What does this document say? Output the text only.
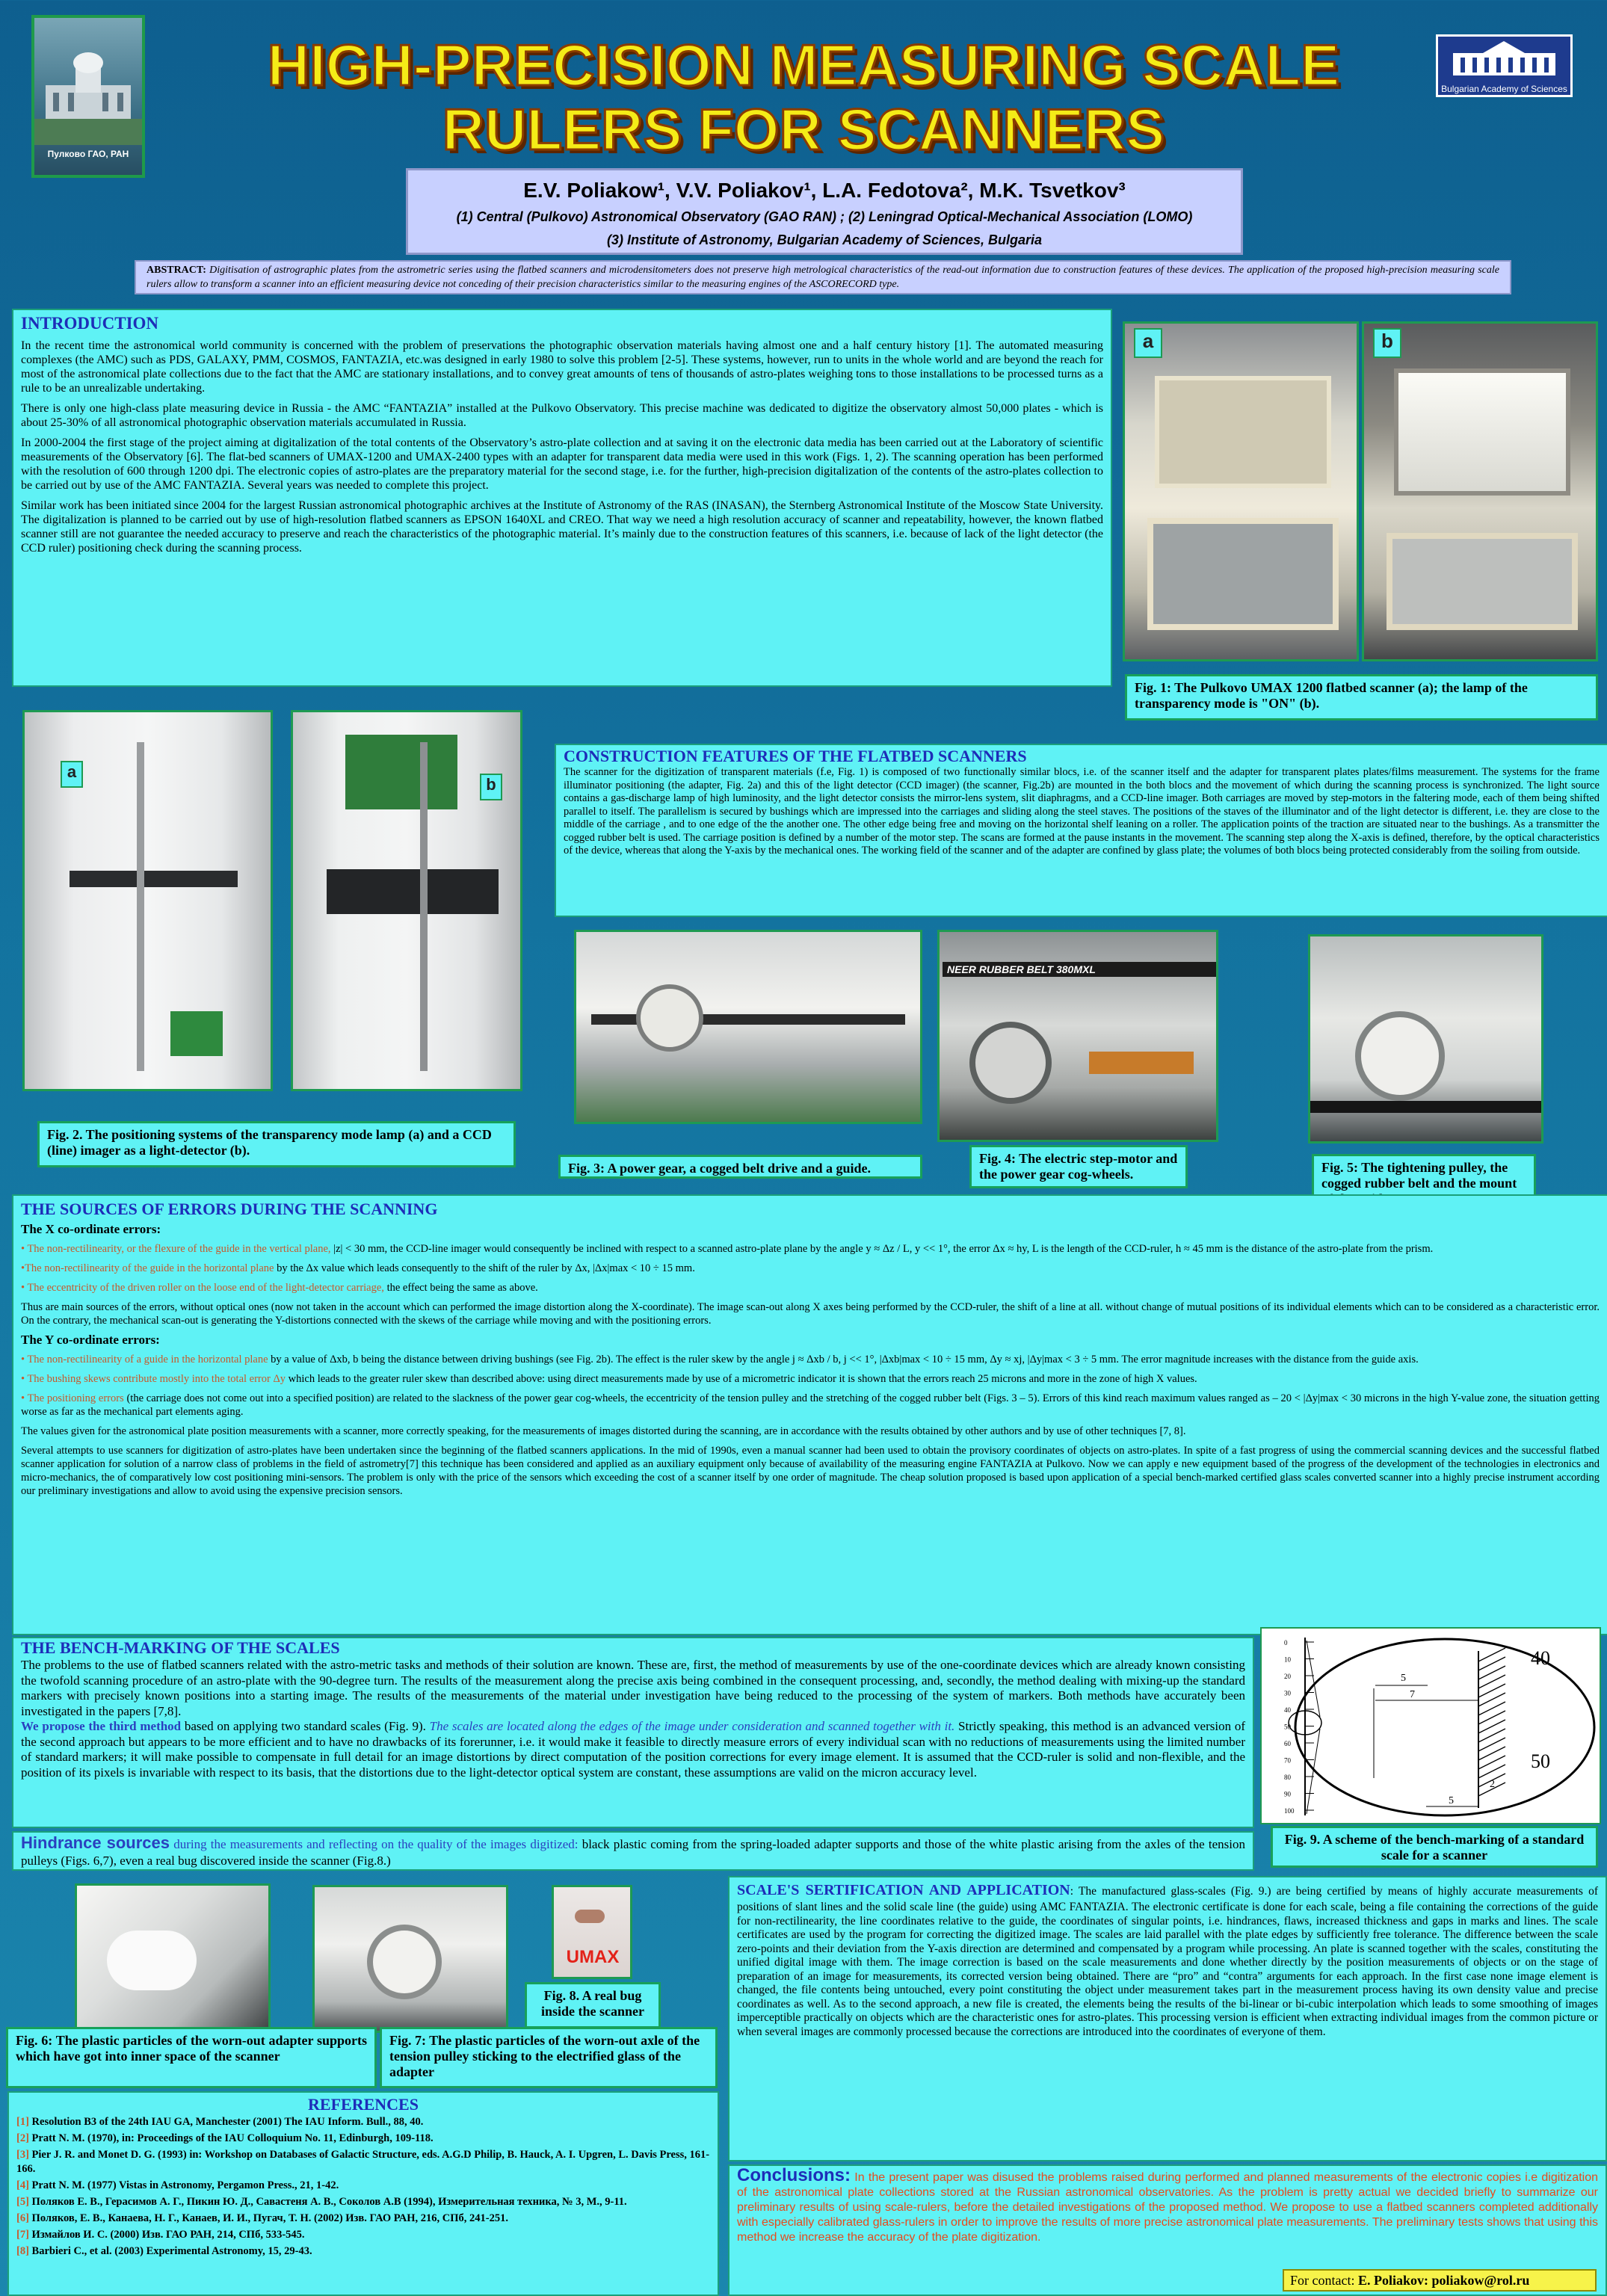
Пулково ГАО, РАН
Bulgarian Academy of Sciences
HIGH-PRECISION MEASURING SCALE
RULERS FOR SCANNERS
E.V. Poliakow¹, V.V. Poliakov¹, L.A. Fedotova², M.K. Tsvetkov³
(1) Central (Pulkovo) Astronomical Observatory (GAO RAN) ; (2) Leningrad Optical-Mechanical Association (LOMO)
(3) Institute of Astronomy, Bulgarian Academy of Sciences, Bulgaria
ABSTRACT: Digitisation of astrographic plates from the astrometric series using the flatbed scanners and microdensitometers does not preserve high metrological characteristics of the read-out information due to construction features of these devices. The application of the proposed high-precision measuring scale rulers allow to transform a scanner into an efficient measuring device not conceding of their precision characteristics similar to the measuring engines of the ASCORECORD type.
INTRODUCTION

In the recent time the astronomical world community is concerned with the problem of preservations the photographic observation materials having almost one and a half century history [1]. The automated measuring complexes (the AMC) such as PDS, GALAXY, PMM, COSMOS, FANTAZIA, etc.was designed in early 1980 to solve this problem [2-5]. These systems, however, run to units in the whole world and are beyond the reach for most of the astronomical plate collections due to the fact that the AMC are stationary installations, and to convey great amounts of tens of thousands of astro-plates weighing tons to those installations to be processed turns as a rule to be an unrealizable undertaking.

There is only one high-class plate measuring device in Russia - the AMC “FANTAZIA” installed at the Pulkovo Observatory. This precise machine was dedicated to digitize the observatory almost 50,000 plates - which is about 25-30% of all astronomical photographic observation materials accumulated in Russia.

In 2000-2004 the first stage of the project aiming at digitalization of the total contents of the Observatory’s astro-plate collection and at saving it on the electronic data media has been carried out at the Laboratory of scientific measurements of the Observatory [6]. The flat-bed scanners of UMAX-1200 and UMAX-2400 types with an adapter for transparent data media were used in this work (Figs. 1, 2). The scanning operation has been performed with the resolution of 600 through 1200 dpi. The electronic copies of astro-plates are the preparatory material for the second stage, i.e. for the further, high-precision digitalization of the contents of the astro-plates collection to be carried out by use of the AMC FANTAZIA. Several years was needed to complete this project.

Similar work has been initiated since 2004 for the largest Russian astronomical photographic archives at the Institute of Astronomy of the RAS (INASAN), the Sternberg Astronomical Institute of the Moscow State University. The digitalization is planned to be carried out by use of high-resolution flatbed scanners as EPSON 1640XL and CREO. That way we need a high resolution accuracy of scanner and repeatability, however, the known flatbed scanner still are not guarantee the needed accuracy to preserve and reach the characteristics of the photographic material. It’s mainly due to the construction features of this scanners, i.e. because of lack of the light detector (the CCD ruler) positioning check during the scanning process.

a	b
Fig. 1: The Pulkovo UMAX 1200 flatbed scanner (a); the lamp of the transparency mode is "ON" (b).
a
b
Fig. 2. The positioning systems of the transparency mode lamp (a) and a CCD (line) imager as a light-detector (b).
CONSTRUCTION FEATURES OF THE FLATBED SCANNERS
The scanner for the digitization of transparent materials (f.e, Fig. 1) is composed of two functionally similar blocs, i.e. of the scanner itself and the adapter for transparent plates plates/films measurement. The systems for the frame illuminator positioning (the adapter, Fig. 2a) and this of the light detector (CCD imager) (the scanner, Fig.2b) are mounted in the both blocs and the movement of which during the scanning process is synchronized. The light source contains a gas-discharge lamp of high luminosity, and the light detector consists the mirror-lens system, slit diaphragms, and a CCD-line imager. Both carriages are moved by step-motors in the faltering mode, each of them being shifted parallel to itself. The parallelism is secured by bushings which are impressed into the carriages and sliding along the steel staves. The positions of the staves of the illuminator and of the light detector is different, i.e. they are close to the middle of the carriage , and to one edge of the the another one. The other edge being free and moving on the horizontal shelf leaning on a roller. The application points of the traction are situated near to the bushings. As a transmitter the cogged rubber belt is used. The carriage position is defined by a number of the motor step. The scans are formed at the pause instants in the movement. The scanning step along the X-axis is defined, therefore, by the optical characteristics of the device, whereas that along the Y-axis by the mechanical ones. The working field of the scanner and of the adapter are confined by glass plate; the volumes of both blocs being protected considerably from the soiling from outside.
Fig. 3: A power gear, a cogged belt drive and a guide.
NEER RUBBER BELT 380MXL
Fig. 4: The electric step-motor and the power gear cog-wheels.	Fig. 5: The tightening pulley, the cogged rubber belt and the mount
THE SOURCES OF ERRORS DURING THE SCANNING

The X co-ordinate errors:

• The non-rectilinearity, or the flexure of the guide in the vertical plane, |z| < 30 mm, the CCD-line imager would consequently be inclined with respect to a scanned astro-plate plane by the angle y ≈ Δz / L, y << 1°, the error Δx ≈ hy, L is the length of the CCD-ruler, h ≈ 45 mm is the distance of the astro-plate from the prism.

•The non-rectilinearity of the guide in the horizontal plane by the Δx value which leads consequently to the shift of the ruler by Δx, |Δx|max < 10 ÷ 15 mm.

• The eccentricity of the driven roller on the loose end of the light-detector carriage, the effect being the same as above.

Thus are main sources of the errors, without optical ones (now not taken in the account which can performed the image distortion along the X-coordinate). The image scan-out along X axes being performed by the CCD-ruler, the shift of a line at all. without change of mutual positions of its individual elements which can to be considered as a characteristic error. On the contrary, the mechanical scan-out is generating the Y-distortions connected with the skews of the carriage while moving and with the positioning errors.

The Y co-ordinate errors:

• The non-rectilinearity of a guide in the horizontal plane by a value of Δxb, b being the distance between driving bushings (see Fig. 2b). The effect is the ruler skew by the angle j ≈ Δxb / b, j << 1°, |Δxb|max < 10 ÷ 15 mm, Δy ≈ xj, |Δy|max < 3 ÷ 5 mm. The error magnitude increases with the distance from the guide axis.

• The bushing skews contribute mostly into the total error Δy which leads to the greater ruler skew than described above: using direct measurements made by use of a micrometric indicator it is shown that the errors reach 25 microns and more in the zone of high X values.

• The positioning errors (the carriage does not come out into a specified position) are related to the slackness of the power gear cog-wheels, the eccentricity of the tension pulley and the stretching of the cogged rubber belt (Figs. 3 – 5). Errors of this kind reach maximum values ranged as – 20 < |Δy|max < 30 microns in the high Y-value zone, the situation getting worse as far as the mechanical part elements aging.

The values given for the astronomical plate position measurements with a scanner, more correctly speaking, for the measurements of images distorted during the scanning, are in accordance with the results obtained by other authors and by use of other techniques [7, 8].

Several attempts to use scanners for digitization of astro-plates have been undertaken since the beginning of the flatbed scanners applications. In the mid of 1990s, even a manual scanner had been used to obtain the provisory coordinates of objects on astro-plates. In spite of a fast progress of using the commercial scanning devices and the successful flatbed scanner application for solution of a narrow class of problems in the field of astrometry[7] this technique has been considered and applied as an auxiliary equipment only because of availability of the measuring engine FANTAZIA at Pulkovo. Now we can apply e new equipment based of the progress of the development of the technologies in electronics and micro-mechanics, the of comparatively low cost positioning mini-sensors. The problem is only with the price of the sensors which exceeding the cost of a scanner itself by one order of magnitude. The cheap solution proposed is based upon application of a special bench-marked certified glass scales converted scanner into a highly precise instrument according our preliminary investigations and allow to avoid using the expensive precision sensors.

THE BENCH-MARKING OF THE SCALES
The problems to the use of flatbed scanners related with the astro-metric tasks and methods of their solution are known. These are, first, the method of measurements by use of the one-coordinate devices which are already known consisting the twofold scanning procedure of an astro-plate with the 90-degree turn. The results of the measurement along the precise axis being combined in the consequent processing, and, secondly, the method dealing with mixing-up the standard markers with precisely known positions into a starting image. The results of the measurements of the material under investigation have being reduced to the processing of the system of markers. Both methods have accurately been investigated in the papers [7,8].
We propose the third method based on applying two standard scales (Fig. 9). The scales are located along the edges of the image under consideration and scanned together with it. Strictly speaking, this method is an advanced version of the second approach but appears to be more efficient and to have no drawbacks of its forerunner, i.e. it would make it feasible to directly measure errors of every individual scan with no reductions of measurements using the limited number of standard markers; it will make possible to compensate in full detail for an image distortions by direct computation of the position corrections for every image element. It is assumed that the CCD-ruler is solid and non-flexible, and the position of its pixels is invariable with respect to its basis, that the distortions due to the light-detector optical system are constant, these assumptions are valid on the micron accuracy level.
0
10
20
30
40
50
60
70
80
90
100
5
7
40
50
5
2
Fig. 9. A scheme of the bench-marking of a standard scale for a scanner
Hindrance sources during the measurements and reflecting on the quality of the images digitized: black plastic coming from the spring-loaded adapter supports and those of the white plastic arising from the axles of the tension pulleys (Figs. 6,7), even a real bug discovered inside the scanner (Fig.8.)
UMAX
Fig. 8. A real bug inside the scanner
Fig. 6: The plastic particles of the worn-out adapter supports which have got into inner space of the scanner
Fig. 7: The plastic particles of the worn-out axle of the tension pulley sticking to the electrified glass of the adapter
REFERENCES
[1] Resolution B3 of the 24th IAU GA, Manchester (2001) The IAU Inform. Bull., 88, 40.
[2] Pratt N. M. (1970), in: Proceedings of the IAU Colloquium No. 11, Edinburgh, 109-118.
[3] Pier J. R. and Monet D. G. (1993) in: Workshop on Databases of Galactic Structure, eds. A.G.D Philip, B. Hauck, A. I. Upgren, L. Davis Press, 161-166.
[4] Pratt N. M. (1977) Vistas in Astronomy, Pergamon Press., 21, 1-42.
[5] Поляков Е. В., Герасимов А. Г., Пикин Ю. Д., Савастеня А. В., Соколов А.В (1994), Измерительная техника, № 3, М., 9-11.
[6] Поляков, Е. В., Канаева, Н. Г., Канаев, И. И., Пугач, Т. Н. (2002) Изв. ГАО РАН, 216, СПб, 241-251.
[7] Измайлов И. С. (2000) Изв. ГАО РАН, 214, СПб, 533-545.
[8] Barbieri C., et al. (2003) Experimental Astronomy, 15, 29-43.
SCALE'S SERTIFICATION AND APPLICATION: The manufactured glass-scales (Fig. 9.) are being certified by means of highly accurate measurements of positions of slant lines and the solid scale line (the guide) using AMC FANTAZIA. The electronic certificate is done for each scale, being a file containing the corrections of the guide for non-rectilinearity, the line coordinates relative to the guide, the coordinates of singular points, i.e. hindrances, flaws, increased thickness and gaps in marks and lines. The scale certificates are used by the program for correcting the digitized image. The scales are laid parallel with the plate edges by sufficiently free tolerance. The difference between the scale zero-points and their deviation from the Y-axis direction are determined and compensated by a program while processing. An plate is scanned together with the scales, constituting the unified digital image with them. The image correction is based on the scale measurements and done whether directly by the position measurements of objects or on the stage of preparation of an image for measurements, its corrected version being obtained. There are “pro” and “contra” arguments for each approach. In the first case none image element is changed, the file contents being untouched, every point constituting the object under measurement takes part in the measurement process having its own density value and precise coordinates as well. As to the second approach, a new file is created, the elements being the results of the bi-linear or bi-cubic interpolation which leads to some smoothing of images imperceptible practically on objects which are the characteristic ones for astro-plates. This processing version is efficient when extracting individual images from the common picture or when several images are commonly processed because the corrections are introduced into the coordinates of everyone of them.
Conclusions: In the present paper was disused the problems raised during performed and planned measurements of the electronic copies i.e digitization of the astronomical plate collections stored at the Russian astronomical observatories. As the problem is pretty actual we decided briefly to summarize our preliminary results of using scale-rulers, before the detailed investigations of the proposed method. We propose to use a flatbed scanners completed additionally with especially calibrated glass-rulers in order to improve the results of more precise astronomical plate measurements. The preliminary tests shows that using this method we increase the accuracy of the plate digitization.
For contact: E. Poliakov: poliakow@rol.ru
